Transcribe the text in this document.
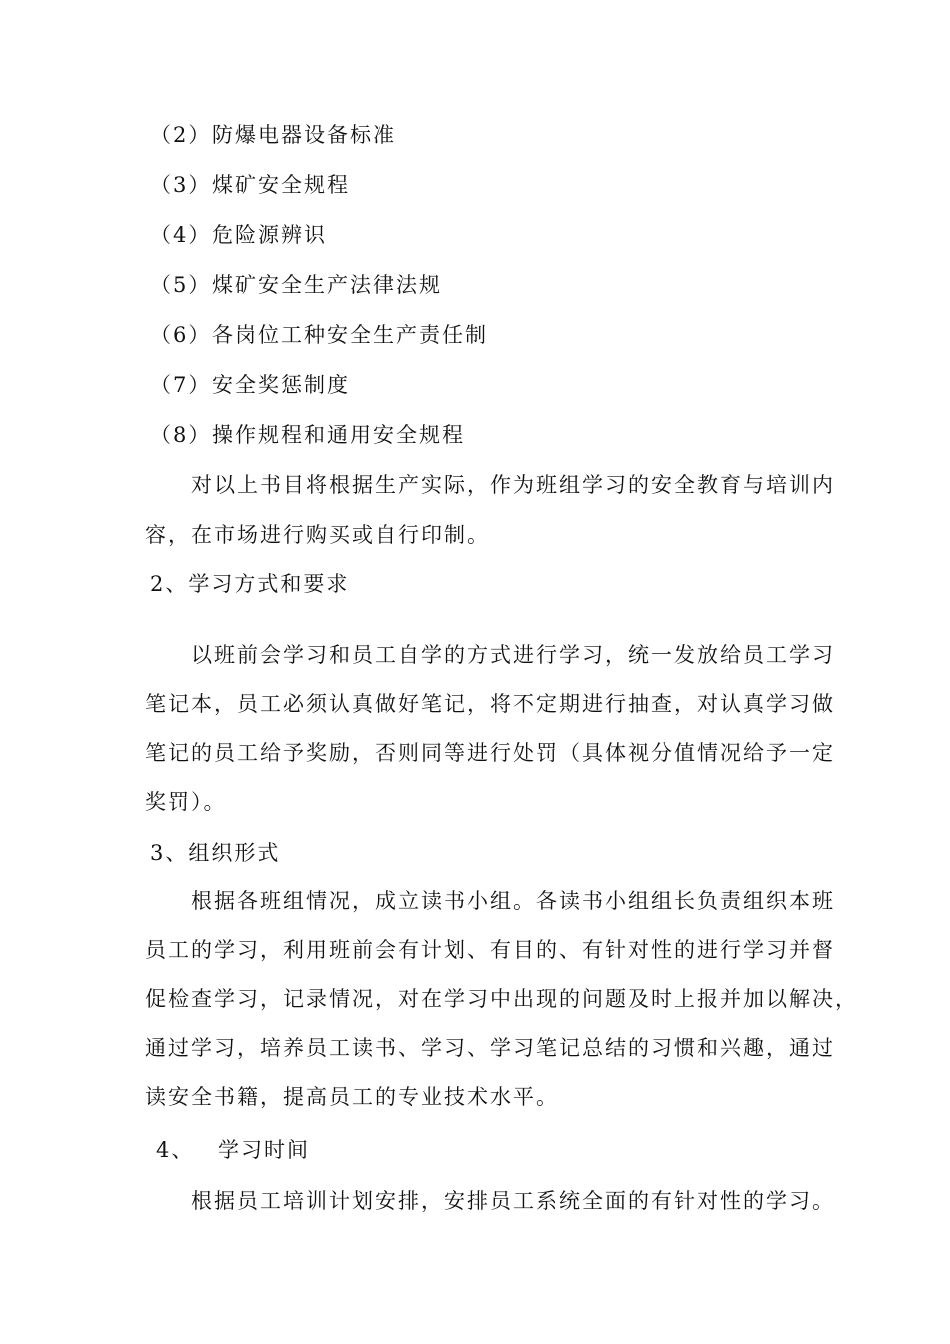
（2） 防爆电器设备标准
（3） 煤矿安全规程
（4） 危险源辨识
（5） 煤矿安全生产法律法规
（6） 各岗位工种安全生产责任制
（7） 安全奖惩制度
（8） 操作规程和通用安全规程
　　对以上书目将根据生产实际，作为班组学习的安全教育与培训内
容，在市场进行购买或自行印制。
2、学习方式和要求
　　以班前会学习和员工自学的方式进行学习，统一发放给员工学习
笔记本，员工必须认真做好笔记，将不定期进行抽查，对认真学习做
笔记的员工给予奖励，否则同等进行处罚（具体视分值情况给予一定
奖罚）。
3、组织形式
　　根据各班组情况，成立读书小组。各读书小组组长负责组织本班
员工的学习，利用班前会有计划、有目的、有针对性的进行学习并督
促检查学习，记录情况，对在学习中出现的问题及时上报并加以解决，
通过学习，培养员工读书、学习、学习笔记总结的习惯和兴趣，通过
读安全书籍，提高员工的专业技术水平。
4、 学习时间
　　根据员工培训计划安排，安排员工系统全面的有针对性的学习。
